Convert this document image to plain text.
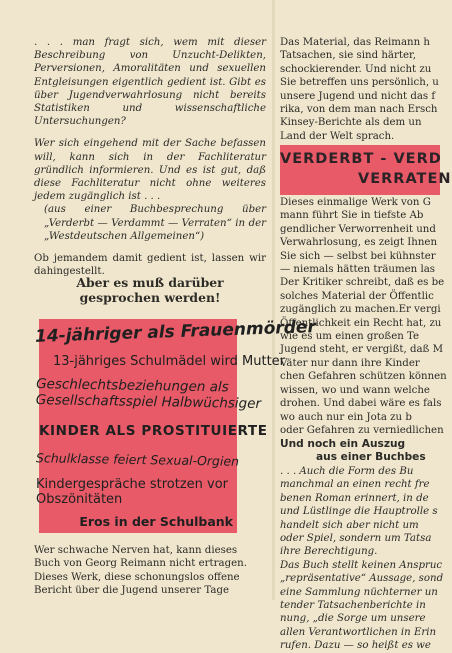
. . . man fragt sich, wem mit dieser Beschreibung von Unzucht-Delikten, Perversionen, Amoralitäten und sexuellen Entgleisungen eigentlich gedient ist. Gibt es über Jugendverwahrlosung nicht bereits Statistiken und wissenschaftliche Untersuchungen?

Wer sich eingehend mit der Sache befassen will, kann sich in der Fachliteratur gründlich informieren. Und es ist gut, daß diese Fachliteratur nicht ohne weiteres jedem zugänglich ist . . .

(aus einer Buchbesprechung über „Verderbt — Verdammt — Verraten“ in der „Westdeutschen Allgemeinen“)

Ob jemandem damit gedient ist, lassen wir dahingestellt.

Aber es muß darüber

gesprochen werden!

14-jähriger als Frauenmörder
13-jähriges Schulmädel wird Mutter
Geschlechtsbeziehungen als
Gesellschaftsspiel Halbwüchsiger
KINDER ALS PROSTITUIERTE
Schulklasse feiert Sexual-Orgien
Kindergespräche strotzen vor
Obszönitäten
Eros in der Schulbank

Wer schwache Nerven hat, kann dieses

Buch von Georg Reimann nicht ertragen.

Dieses Werk, diese schonungslos offene

Bericht über die Jugend unserer Tage

Das Material, das Reimann h

Tatsachen, sie sind härter,

schockierender. Und nicht zu

Sie betreffen uns persönlich, u

unsere Jugend und nicht das f

rika, von dem man nach Ersch

Kinsey-Berichte als dem un

Land der Welt sprach.

VERDERBT - VERD
VERRATEN

Dieses einmalige Werk von G

mann führt Sie in tiefste Ab

gendlicher Verworrenheit und

Verwahrlosung, es zeigt Ihnen

Sie sich — selbst bei kühnster

— niemals hätten träumen las

Der Kritiker schreibt, daß es be

solches Material der Öffentlic

zugänglich zu machen.Er vergi

Öffentlichkeit ein Recht hat, zu

wie es um einen großen Te

Jugend steht, er vergißt, daß M

Väter nur dann ihre Kinder

chen Gefahren schützen können

wissen, wo und wann welche

drohen. Und dabei wäre es fals

wo auch nur ein Jota zu b

oder Gefahren zu verniedlichen

Und noch ein Auszug

aus einer Buchbes

. . . Auch die Form des Bu

manchmal an einen recht fre

benen Roman erinnert, in de

und Lüstlinge die Hauptrolle s

handelt sich aber nicht um

oder Spiel, sondern um Tatsa

ihre Berechtigung.

Das Buch stellt keinen Anspruc

„repräsentative“ Aussage, sond

eine Sammlung nüchterner un

tender Tatsachenberichte in

nung, „die Sorge um unsere

allen Verantwortlichen in Erin

rufen. Dazu — so heißt es we
